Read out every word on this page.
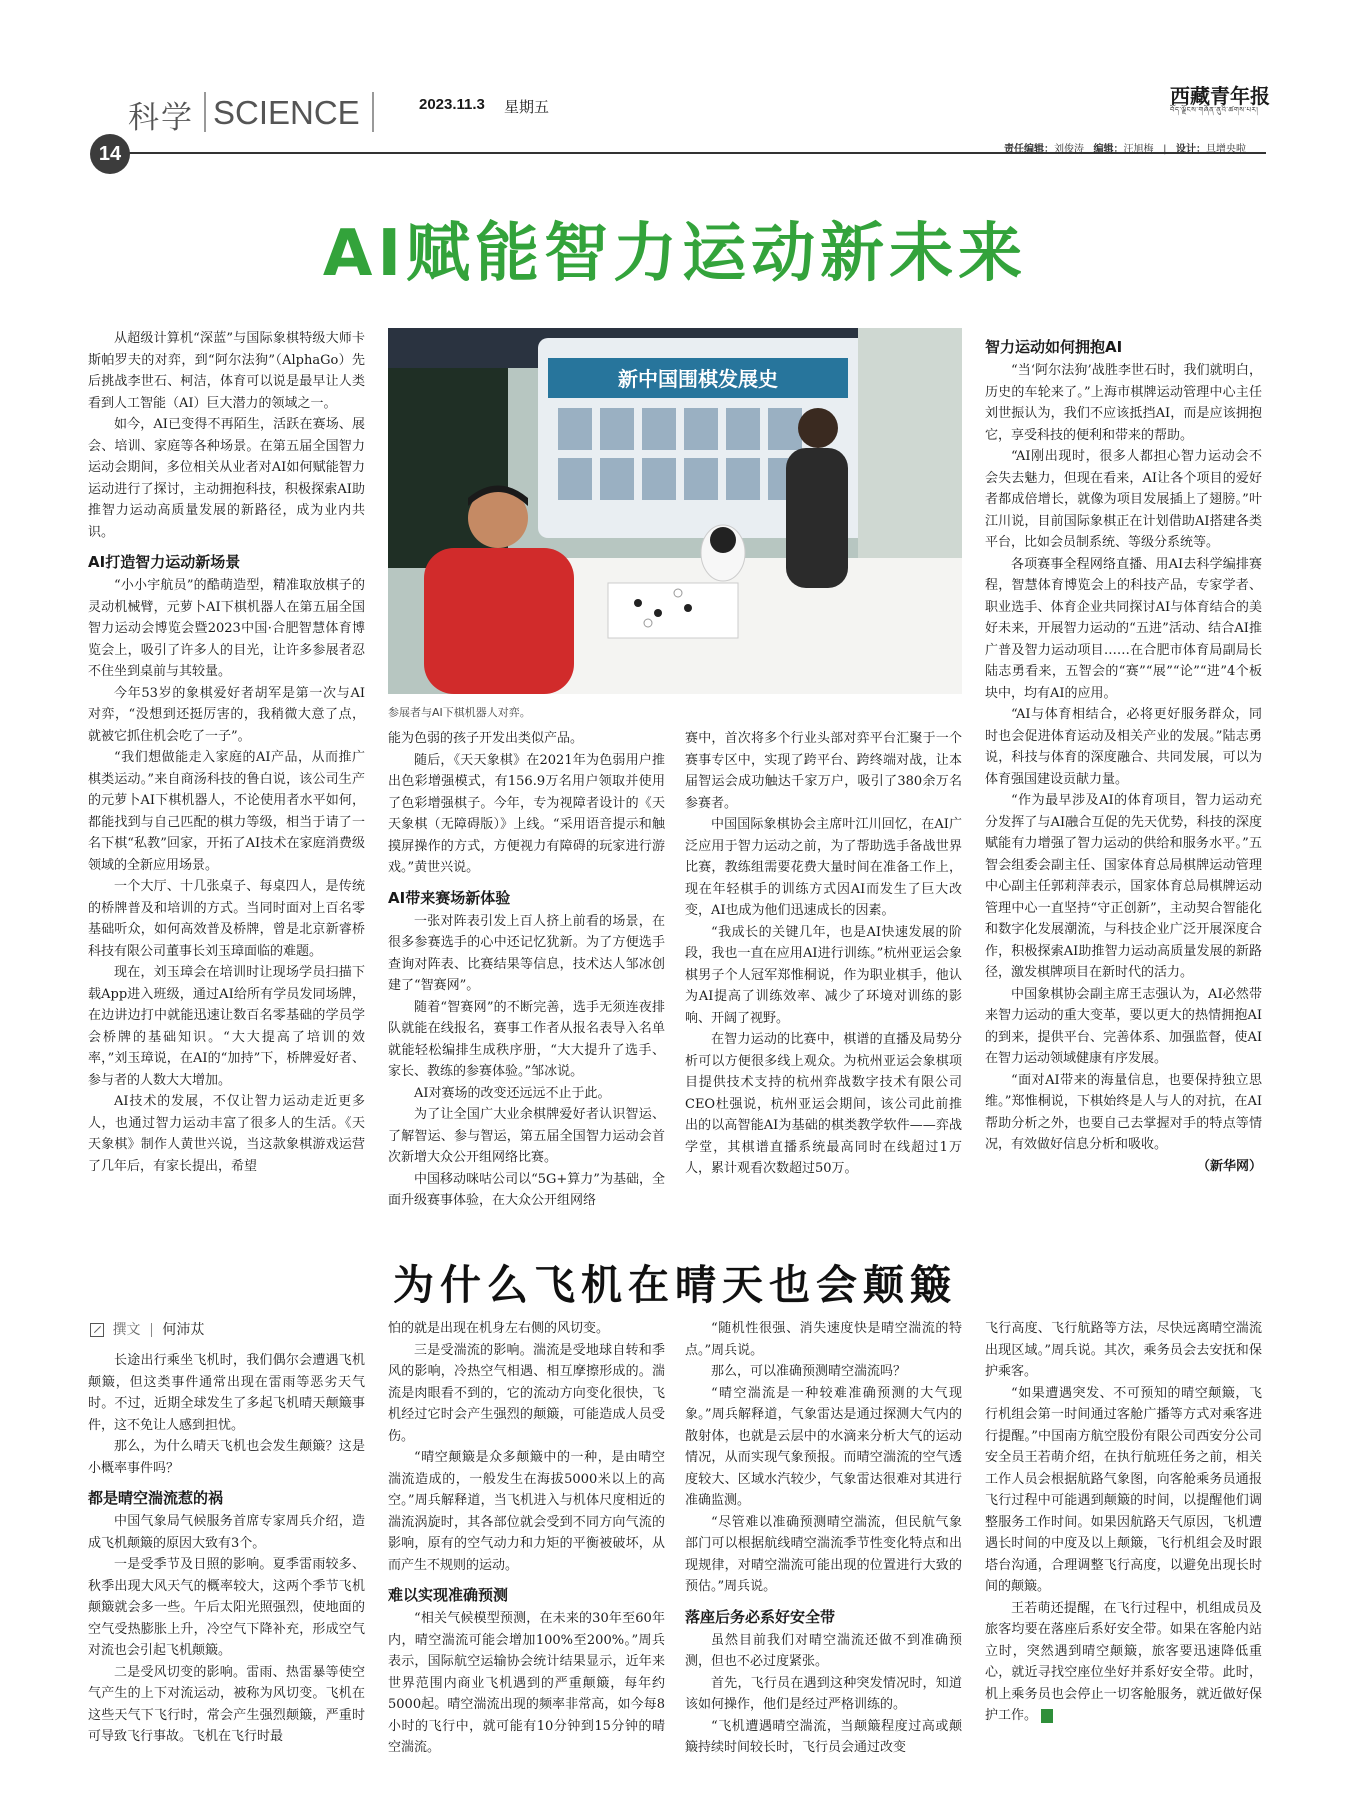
科学 SCIENCE
14
2023.11.3 星期五	西藏青年报
བོད་ལྗོངས་གཞོན་ནུའི་ཚགས་པར།
责任编辑：刘俊涛 编辑：汪旭梅   |   设计：旦增央啦
AI赋能智力运动新未来

从超级计算机“深蓝”与国际象棋特级大师卡斯帕罗夫的对弈，到“阿尔法狗”（AlphaGo）先后挑战李世石、柯洁，体育可以说是最早让人类看到人工智能（AI）巨大潜力的领域之一。

如今，AI已变得不再陌生，活跃在赛场、展会、培训、家庭等各种场景。在第五届全国智力运动会期间，多位相关从业者对AI如何赋能智力运动进行了探讨，主动拥抱科技，积极探索AI助推智力运动高质量发展的新路径，成为业内共识。

AI打造智力运动新场景

“小小宇航员”的酷萌造型，精准取放棋子的灵动机械臂，元萝卜AI下棋机器人在第五届全国智力运动会博览会暨2023中国·合肥智慧体育博览会上，吸引了许多人的目光，让许多参展者忍不住坐到桌前与其较量。

今年53岁的象棋爱好者胡军是第一次与AI对弈，“没想到还挺厉害的，我稍微大意了点，就被它抓住机会吃了一子”。

“我们想做能走入家庭的AI产品，从而推广棋类运动。”来自商汤科技的鲁白说，该公司生产的元萝卜AI下棋机器人，不论使用者水平如何，都能找到与自己匹配的棋力等级，相当于请了一名下棋“私教”回家，开拓了AI技术在家庭消费级领域的全新应用场景。

一个大厅、十几张桌子、每桌四人，是传统的桥牌普及和培训的方式。当同时面对上百名零基础听众，如何高效普及桥牌，曾是北京新睿桥科技有限公司董事长刘玉璋面临的难题。

现在，刘玉璋会在培训时让现场学员扫描下载App进入班级，通过AI给所有学员发同场牌，在边讲边打中就能迅速让数百名零基础的学员学会桥牌的基础知识。“大大提高了培训的效率，”刘玉璋说，在AI的“加持”下，桥牌爱好者、参与者的人数大大增加。

AI技术的发展，不仅让智力运动走近更多人，也通过智力运动丰富了很多人的生活。《天天象棋》制作人黄世兴说，当这款象棋游戏运营了几年后，有家长提出，希望

新中国围棋发展史
参展者与AI下棋机器人对弈。

能为色弱的孩子开发出类似产品。

随后，《天天象棋》在2021年为色弱用户推出色彩增强模式，有156.9万名用户领取并使用了色彩增强棋子。今年，专为视障者设计的《天天象棋（无障碍版）》上线。“采用语音提示和触摸屏操作的方式，方便视力有障碍的玩家进行游戏。”黄世兴说。

AI带来赛场新体验

一张对阵表引发上百人挤上前看的场景，在很多参赛选手的心中还记忆犹新。为了方便选手查询对阵表、比赛结果等信息，技术达人邹冰创建了“智赛网”。

随着“智赛网”的不断完善，选手无须连夜排队就能在线报名，赛事工作者从报名表导入名单就能轻松编排生成秩序册，“大大提升了选手、家长、教练的参赛体验。”邹冰说。

AI对赛场的改变还远远不止于此。

为了让全国广大业余棋牌爱好者认识智运、了解智运、参与智运，第五届全国智力运动会首次新增大众公开组网络比赛。

中国移动咪咕公司以“5G+算力”为基础，全面升级赛事体验，在大众公开组网络

赛中，首次将多个行业头部对弈平台汇聚于一个赛事专区中，实现了跨平台、跨终端对战，让本届智运会成功触达千家万户，吸引了380余万名参赛者。

中国国际象棋协会主席叶江川回忆，在AI广泛应用于智力运动之前，为了帮助选手备战世界比赛，教练组需要花费大量时间在准备工作上，现在年轻棋手的训练方式因AI而发生了巨大改变，AI也成为他们迅速成长的因素。

“我成长的关键几年，也是AI快速发展的阶段，我也一直在应用AI进行训练。”杭州亚运会象棋男子个人冠军郑惟桐说，作为职业棋手，他认为AI提高了训练效率、减少了环境对训练的影响、开阔了视野。

在智力运动的比赛中，棋谱的直播及局势分析可以方便很多线上观众。为杭州亚运会象棋项目提供技术支持的杭州弈战数字技术有限公司CEO杜强说，杭州亚运会期间，该公司此前推出的以高智能AI为基础的棋类教学软件——弈战学堂，其棋谱直播系统最高同时在线超过1万人，累计观看次数超过50万。

智力运动如何拥抱AI

“当‘阿尔法狗’战胜李世石时，我们就明白，历史的车轮来了。”上海市棋牌运动管理中心主任刘世振认为，我们不应该抵挡AI，而是应该拥抱它，享受科技的便利和带来的帮助。

“AI刚出现时，很多人都担心智力运动会不会失去魅力，但现在看来，AI让各个项目的爱好者都成倍增长，就像为项目发展插上了翅膀。”叶江川说，目前国际象棋正在计划借助AI搭建各类平台，比如会员制系统、等级分系统等。

各项赛事全程网络直播、用AI去科学编排赛程，智慧体育博览会上的科技产品，专家学者、职业选手、体育企业共同探讨AI与体育结合的美好未来，开展智力运动的“五进”活动、结合AI推广普及智力运动项目……在合肥市体育局副局长陆志勇看来，五智会的“赛”“展”“论”“进”4个板块中，均有AI的应用。

“AI与体育相结合，必将更好服务群众，同时也会促进体育运动及相关产业的发展。”陆志勇说，科技与体育的深度融合、共同发展，可以为体育强国建设贡献力量。

“作为最早涉及AI的体育项目，智力运动充分发挥了与AI融合互促的先天优势，科技的深度赋能有力增强了智力运动的供给和服务水平。”五智会组委会副主任、国家体育总局棋牌运动管理中心副主任郭莉萍表示，国家体育总局棋牌运动管理中心一直坚持“守正创新”，主动契合智能化和数字化发展潮流，与科技企业广泛开展深度合作，积极探索AI助推智力运动高质量发展的新路径，激发棋牌项目在新时代的活力。

中国象棋协会副主席王志强认为，AI必然带来智力运动的重大变革，要以更大的热情拥抱AI的到来，提供平台、完善体系、加强监督，使AI在智力运动领域健康有序发展。

“面对AI带来的海量信息，也要保持独立思维。”郑惟桐说，下棋始终是人与人的对抗，在AI帮助分析之外，也要自己去掌握对手的特点等情况，有效做好信息分析和吸收。

（新华网）

为什么飞机在晴天也会颠簸
撰文 何沛苁

长途出行乘坐飞机时，我们偶尔会遭遇飞机颠簸，但这类事件通常出现在雷雨等恶劣天气时。不过，近期全球发生了多起飞机晴天颠簸事件，这不免让人感到担忧。

那么，为什么晴天飞机也会发生颠簸？这是小概率事件吗？

都是晴空湍流惹的祸

中国气象局气候服务首席专家周兵介绍，造成飞机颠簸的原因大致有3个。

一是受季节及日照的影响。夏季雷雨较多、秋季出现大风天气的概率较大，这两个季节飞机颠簸就会多一些。午后太阳光照强烈，使地面的空气受热膨胀上升，冷空气下降补充，形成空气对流也会引起飞机颠簸。

二是受风切变的影响。雷雨、热雷暴等使空气产生的上下对流运动，被称为风切变。飞机在这些天气下飞行时，常会产生强烈颠簸，严重时可导致飞行事故。飞机在飞行时最

怕的就是出现在机身左右侧的风切变。

三是受湍流的影响。湍流是受地球自转和季风的影响，冷热空气相遇、相互摩擦形成的。湍流是肉眼看不到的，它的流动方向变化很快，飞机经过它时会产生强烈的颠簸，可能造成人员受伤。

“晴空颠簸是众多颠簸中的一种，是由晴空湍流造成的，一般发生在海拔5000米以上的高空。”周兵解释道，当飞机进入与机体尺度相近的湍流涡旋时，其各部位就会受到不同方向气流的影响，原有的空气动力和力矩的平衡被破坏，从而产生不规则的运动。

难以实现准确预测

“相关气候模型预测，在未来的30年至60年内，晴空湍流可能会增加100%至200%。”周兵表示，国际航空运输协会统计结果显示，近年来世界范围内商业飞机遇到的严重颠簸，每年约5000起。晴空湍流出现的频率非常高，如今每8小时的飞行中，就可能有10分钟到15分钟的晴空湍流。

“随机性很强、消失速度快是晴空湍流的特点。”周兵说。

那么，可以准确预测晴空湍流吗？

“晴空湍流是一种较难准确预测的大气现象。”周兵解释道，气象雷达是通过探测大气内的散射体，也就是云层中的水滴来分析大气的运动情况，从而实现气象预报。而晴空湍流的空气透度较大、区域水汽较少，气象雷达很难对其进行准确监测。

“尽管难以准确预测晴空湍流，但民航气象部门可以根据航线晴空湍流季节性变化特点和出现规律，对晴空湍流可能出现的位置进行大致的预估。”周兵说。

落座后务必系好安全带

虽然目前我们对晴空湍流还做不到准确预测，但也不必过度紧张。

首先，飞行员在遇到这种突发情况时，知道该如何操作，他们是经过严格训练的。

“飞机遭遇晴空湍流，当颠簸程度过高或颠簸持续时间较长时，飞行员会通过改变

飞行高度、飞行航路等方法，尽快远离晴空湍流出现区域。”周兵说。其次，乘务员会去安抚和保护乘客。

“如果遭遇突发、不可预知的晴空颠簸，飞行机组会第一时间通过客舱广播等方式对乘客进行提醒。”中国南方航空股份有限公司西安分公司安全员王若萌介绍，在执行航班任务之前，相关工作人员会根据航路气象图，向客舱乘务员通报飞行过程中可能遇到颠簸的时间，以提醒他们调整服务工作时间。如果因航路天气原因，飞机遭遇长时间的中度及以上颠簸，飞行机组会及时跟塔台沟通，合理调整飞行高度，以避免出现长时间的颠簸。

王若萌还提醒，在飞行过程中，机组成员及旅客均要在落座后系好安全带。如果在客舱内站立时，突然遇到晴空颠簸，旅客要迅速降低重心，就近寻找空座位坐好并系好安全带。此时，机上乘务员也会停止一切客舱服务，就近做好保护工作。
